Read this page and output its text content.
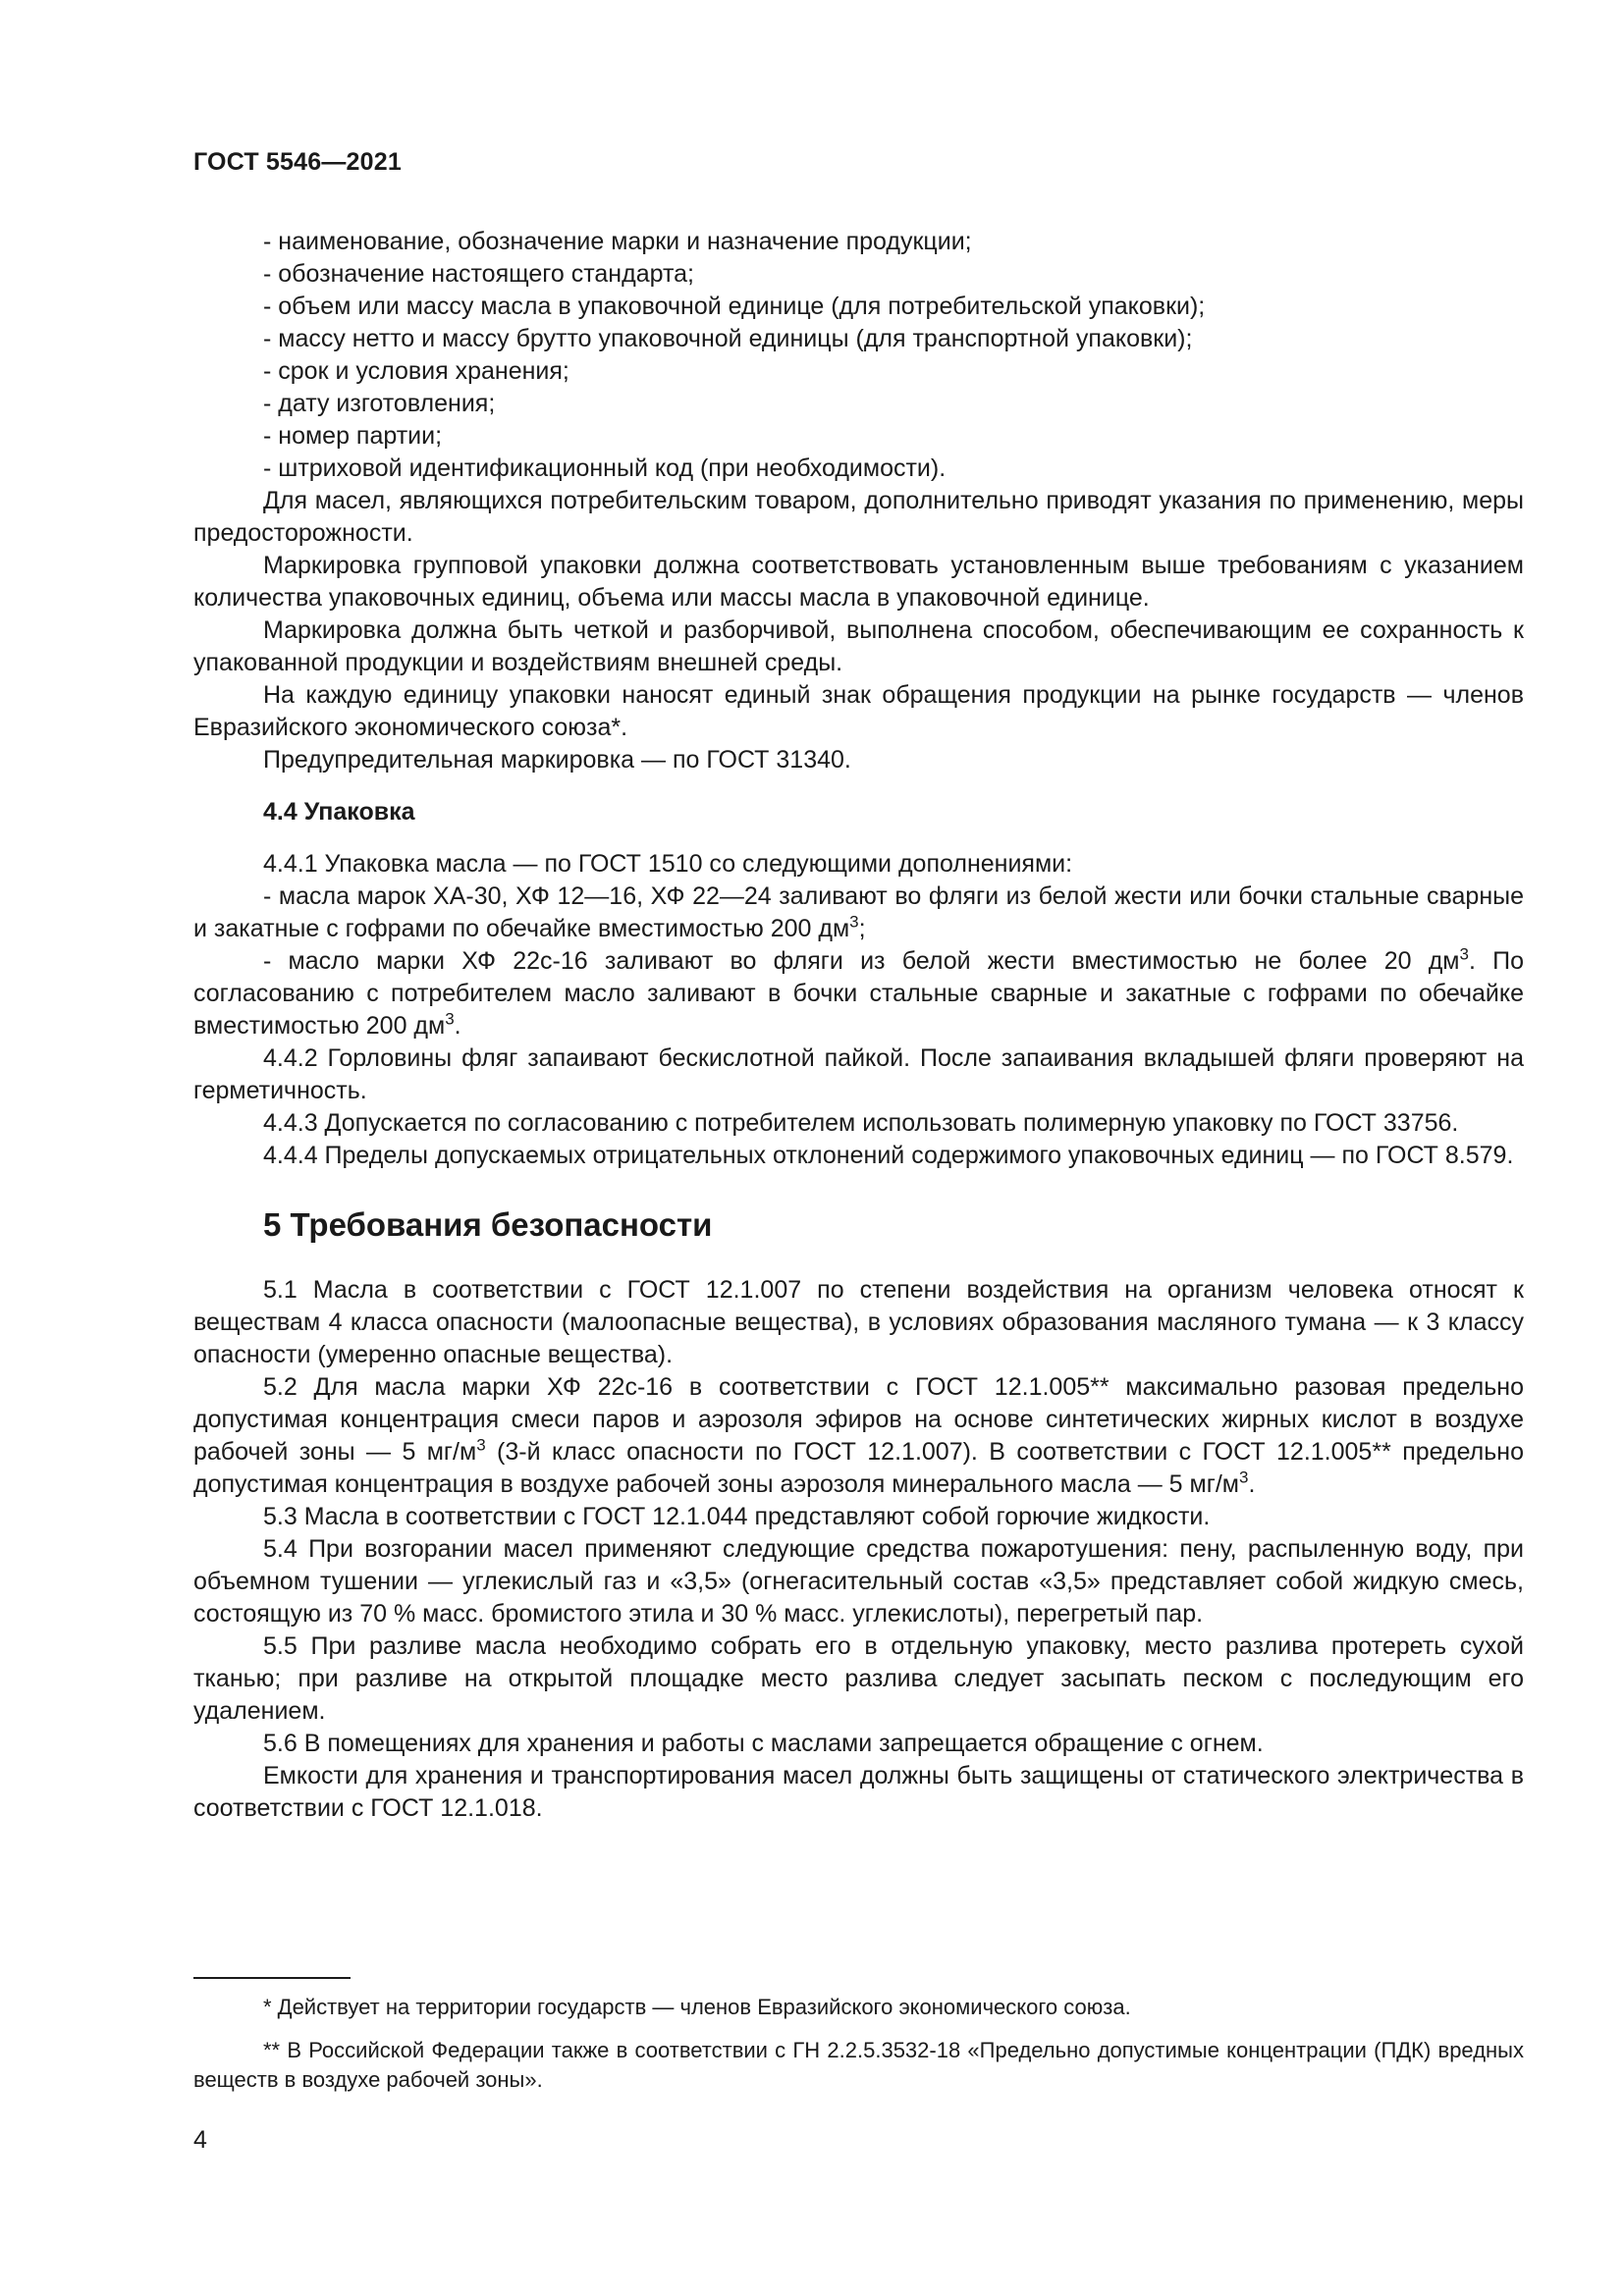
ГОСТ 5546—2021
- наименование, обозначение марки и назначение продукции;
- обозначение настоящего стандарта;
- объем или массу масла в упаковочной единице (для потребительской упаковки);
- массу нетто и массу брутто упаковочной единицы (для транспортной упаковки);
- срок и условия хранения;
- дату изготовления;
- номер партии;
- штриховой идентификационный код (при необходимости).

Для масел, являющихся потребительским товаром, дополнительно приводят указания по применению, меры предосторожности.

Маркировка групповой упаковки должна соответствовать установленным выше требованиям с указанием количества упаковочных единиц, объема или массы масла в упаковочной единице.

Маркировка должна быть четкой и разборчивой, выполнена способом, обеспечивающим ее сохранность к упакованной продукции и воздействиям внешней среды.

На каждую единицу упаковки наносят единый знак обращения продукции на рынке государств — членов Евразийского экономического союза*.

Предупредительная маркировка — по ГОСТ 31340.

4.4 Упаковка

4.4.1 Упаковка масла — по ГОСТ 1510 со следующими дополнениями:

- масла марок ХА-30, ХФ 12—16, ХФ 22—24 заливают во фляги из белой жести или бочки стальные сварные и закатные с гофрами по обечайке вместимостью 200 $дм^3$;

- масло марки ХФ 22с-16 заливают во фляги из белой жести вместимостью не более 20 $дм^3$. По согласованию с потребителем масло заливают в бочки стальные сварные и закатные с гофрами по обечайке вместимостью 200 $дм^3$.

4.4.2 Горловины фляг запаивают бескислотной пайкой. После запаивания вкладышей фляги проверяют на герметичность.

4.4.3 Допускается по согласованию с потребителем использовать полимерную упаковку по ГОСТ 33756.

4.4.4 Пределы допускаемых отрицательных отклонений содержимого упаковочных единиц — по ГОСТ 8.579.

5 Требования безопасности

5.1 Масла в соответствии с ГОСТ 12.1.007 по степени воздействия на организм человека относят к веществам 4 класса опасности (малоопасные вещества), в условиях образования масляного тумана — к 3 классу опасности (умеренно опасные вещества).

5.2 Для масла марки ХФ 22с-16 в соответствии с ГОСТ 12.1.005** максимально разовая предельно допустимая концентрация смеси паров и аэрозоля эфиров на основе синтетических жирных кислот в воздухе рабочей зоны — 5 $мг/м^3$ (3-й класс опасности по ГОСТ 12.1.007). В соответствии с ГОСТ 12.1.005** предельно допустимая концентрация в воздухе рабочей зоны аэрозоля минерального масла — 5 $мг/м^3$.

5.3 Масла в соответствии с ГОСТ 12.1.044 представляют собой горючие жидкости.

5.4 При возгорании масел применяют следующие средства пожаротушения: пену, распыленную воду, при объемном тушении — углекислый газ и «3,5» (огнегасительный состав «3,5» представляет собой жидкую смесь, состоящую из 70 % масс. бромистого этила и 30 % масс. углекислоты), перегретый пар.

5.5 При разливе масла необходимо собрать его в отдельную упаковку, место разлива протереть сухой тканью; при разливе на открытой площадке место разлива следует засыпать песком с последующим его удалением.

5.6 В помещениях для хранения и работы с маслами запрещается обращение с огнем.

Емкости для хранения и транспортирования масел должны быть защищены от статического электричества в соответствии с ГОСТ 12.1.018.

* Действует на территории государств — членов Евразийского экономического союза.

** В Российской Федерации также в соответствии с ГН 2.2.5.3532-18 «Предельно допустимые концентрации (ПДК) вредных веществ в воздухе рабочей зоны».

4
